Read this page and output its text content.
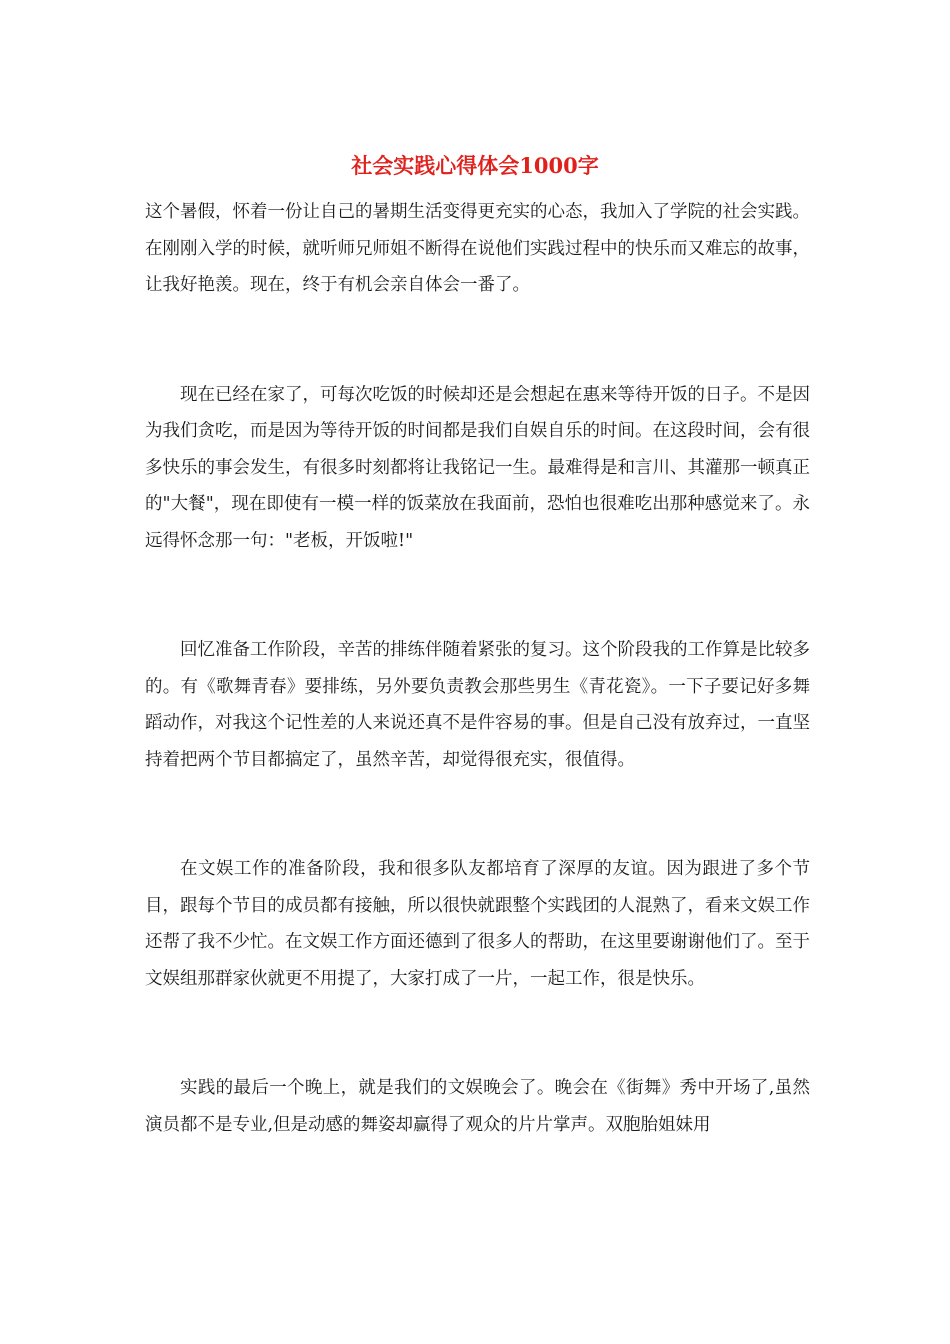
社会实践心得体会1000字

这个暑假，怀着一份让自己的暑期生活变得更充实的心态，我加入了学院的社会实践。在刚刚入学的时候，就听师兄师姐不断得在说他们实践过程中的快乐而又难忘的故事，让我好艳羡。现在，终于有机会亲自体会一番了。

现在已经在家了，可每次吃饭的时候却还是会想起在惠来等待开饭的日子。不是因为我们贪吃，而是因为等待开饭的时间都是我们自娱自乐的时间。在这段时间，会有很多快乐的事会发生，有很多时刻都将让我铭记一生。最难得是和言川、其灌那一顿真正的"大餐"，现在即使有一模一样的饭菜放在我面前，恐怕也很难吃出那种感觉来了。永远得怀念那一句："老板，开饭啦!"

回忆准备工作阶段，辛苦的排练伴随着紧张的复习。这个阶段我的工作算是比较多的。有《歌舞青春》要排练，另外要负责教会那些男生《青花瓷》。一下子要记好多舞蹈动作，对我这个记性差的人来说还真不是件容易的事。但是自己没有放弃过，一直坚持着把两个节目都搞定了，虽然辛苦，却觉得很充实，很值得。

在文娱工作的准备阶段，我和很多队友都培育了深厚的友谊。因为跟进了多个节目，跟每个节目的成员都有接触，所以很快就跟整个实践团的人混熟了，看来文娱工作还帮了我不少忙。在文娱工作方面还德到了很多人的帮助，在这里要谢谢他们了。至于文娱组那群家伙就更不用提了，大家打成了一片，一起工作，很是快乐。

实践的最后一个晚上，就是我们的文娱晚会了。晚会在《街舞》秀中开场了,虽然演员都不是专业,但是动感的舞姿却赢得了观众的片片掌声。双胞胎姐妹用
